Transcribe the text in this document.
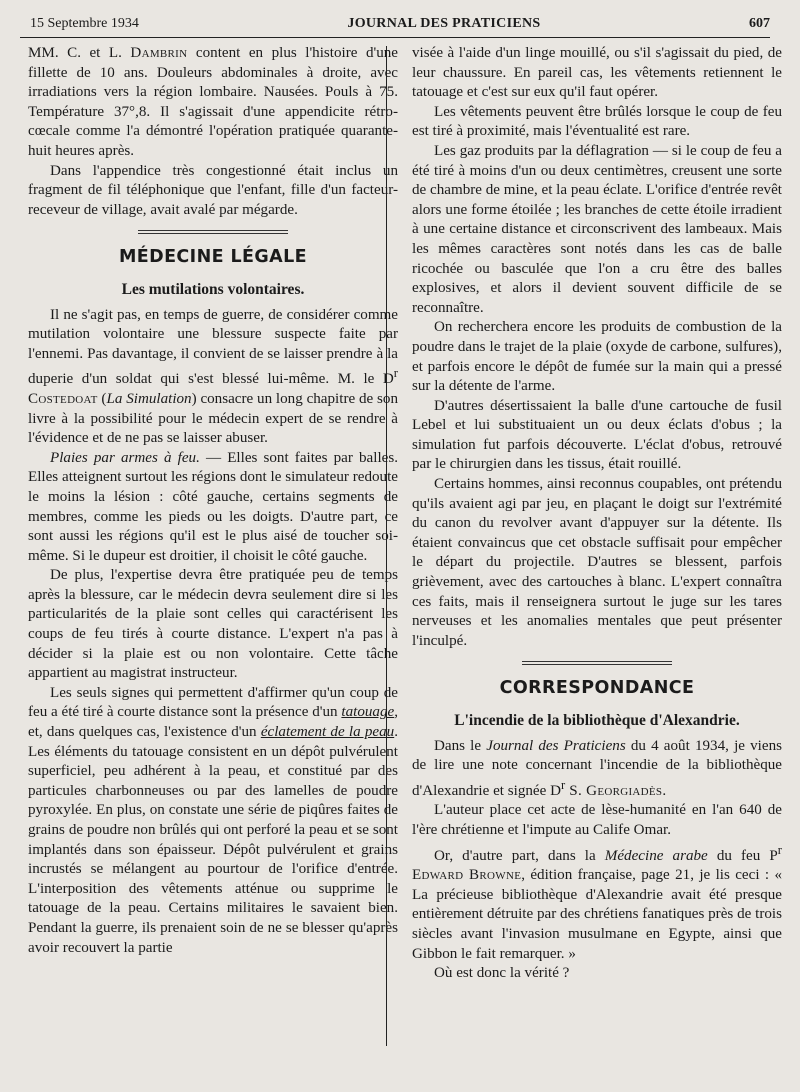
15 Septembre 1934	JOURNAL DES PRATICIENS	607

MM. C. et L. Dambrin content en plus l'histoire d'une fillette de 10 ans. Douleurs abdominales à droite, avec irradiations vers la région lombaire. Nausées. Pouls à 75. Température 37°,8. Il s'agissait d'une appendicite rétro-cœcale comme l'a démontré l'opération pratiquée quarante-huit heures après.

Dans l'appendice très congestionné était inclus un fragment de fil téléphonique que l'enfant, fille d'un facteur-receveur de village, avait avalé par mégarde.

MÉDECINE LÉGALE
Les mutilations volontaires.

Il ne s'agit pas, en temps de guerre, de considérer comme mutilation volontaire une blessure suspecte faite par l'ennemi. Pas davantage, il convient de se laisser prendre à la duperie d'un soldat qui s'est blessé lui-même. M. le $D^r$ Costedoat (La Simulation) consacre un long chapitre de son livre à la possibilité pour le médecin expert de se rendre à l'évidence et de ne pas se laisser abuser.

Plaies par armes à feu. — Elles sont faites par balles. Elles atteignent surtout les régions dont le simulateur redoute le moins la lésion : côté gauche, certains segments de membres, comme les pieds ou les doigts. D'autre part, ce sont aussi les régions qu'il est le plus aisé de toucher soi-même. Si le dupeur est droitier, il choisit le côté gauche.

De plus, l'expertise devra être pratiquée peu de temps après la blessure, car le médecin devra seulement dire si les particularités de la plaie sont celles qui caractérisent les coups de feu tirés à courte distance. L'expert n'a pas à décider si la plaie est ou non volontaire. Cette tâche appartient au magistrat instructeur.

Les seuls signes qui permettent d'affirmer qu'un coup de feu a été tiré à courte distance sont la présence d'un tatouage, et, dans quelques cas, l'existence d'un éclatement de la peau. Les éléments du tatouage consistent en un dépôt pulvérulent superficiel, peu adhérent à la peau, et constitué par des particules charbonneuses ou par des lamelles de poudre pyroxylée. En plus, on constate une série de piqûres faites de grains de poudre non brûlés qui ont perforé la peau et se sont implantés dans son épaisseur. Dépôt pulvérulent et grains incrustés se mélangent au pourtour de l'orifice d'entrée. L'interposition des vêtements atténue ou supprime le tatouage de la peau. Certains militaires le savaient bien. Pendant la guerre, ils prenaient soin de ne se blesser qu'après avoir recouvert la partie

visée à l'aide d'un linge mouillé, ou s'il s'agissait du pied, de leur chaussure. En pareil cas, les vêtements retiennent le tatouage et c'est sur eux qu'il faut opérer.

Les vêtements peuvent être brûlés lorsque le coup de feu est tiré à proximité, mais l'éventualité est rare.

Les gaz produits par la déflagration — si le coup de feu a été tiré à moins d'un ou deux centimètres, creusent une sorte de chambre de mine, et la peau éclate. L'orifice d'entrée revêt alors une forme étoilée ; les branches de cette étoile irradient à une certaine distance et circonscrivent des lambeaux. Mais les mêmes caractères sont notés dans les cas de balle ricochée ou basculée que l'on a cru être des balles explosives, et alors il devient souvent difficile de se reconnaître.

On recherchera encore les produits de combustion de la poudre dans le trajet de la plaie (oxyde de carbone, sulfures), et parfois encore le dépôt de fumée sur la main qui a pressé sur la détente de l'arme.

D'autres désertissaient la balle d'une cartouche de fusil Lebel et lui substituaient un ou deux éclats d'obus ; la simulation fut parfois découverte. L'éclat d'obus, retrouvé par le chirurgien dans les tissus, était rouillé.

Certains hommes, ainsi reconnus coupables, ont prétendu qu'ils avaient agi par jeu, en plaçant le doigt sur l'extrémité du canon du revolver avant d'appuyer sur la détente. Ils étaient convaincus que cet obstacle suffisait pour empêcher le départ du projectile. D'autres se blessent, parfois grièvement, avec des cartouches à blanc. L'expert connaîtra ces faits, mais il renseignera surtout le juge sur les tares nerveuses et les anomalies mentales que peut présenter l'inculpé.

CORRESPONDANCE
L'incendie de la bibliothèque d'Alexandrie.

Dans le Journal des Praticiens du 4 août 1934, je viens de lire une note concernant l'incendie de la bibliothèque d'Alexandrie et signée $D^r$ S. Georgiadès.

L'auteur place cet acte de lèse-humanité en l'an 640 de l'ère chrétienne et l'impute au Calife Omar.

Or, d'autre part, dans la Médecine arabe du feu $P^r$ Edward Browne, édition française, page 21, je lis ceci : « La précieuse bibliothèque d'Alexandrie avait été presque entièrement détruite par des chrétiens fanatiques près de trois siècles avant l'invasion musulmane en Egypte, ainsi que Gibbon le fait remarquer. »

Où est donc la vérité ?
